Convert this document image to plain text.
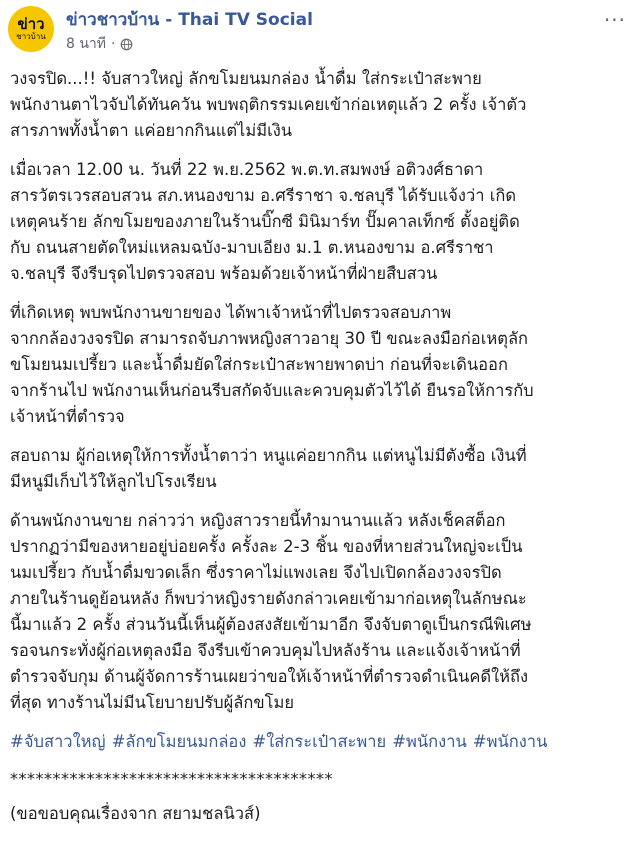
ข่าว
ชาวบ้าน
ข่าวชาวบ้าน - Thai TV Social
8 นาที ·
···

วงจรปิด...!! จับสาวใหญ่ ลักขโมยนมกล่อง น้ำดื่ม ใส่กระเป๋าสะพาย
พนักงานตาไวจับได้ทันควัน พบพฤติกรรมเคยเข้าก่อเหตุแล้ว 2 ครั้ง เจ้าตัว
สารภาพทั้งน้ำตา แค่อยากกินแต่ไม่มีเงิน

เมื่อเวลา 12.00 น. วันที่ 22 พ.ย.2562 พ.ต.ท.สมพงษ์ อติวงศ์ธาดา
สารวัตรเวรสอบสวน สภ.หนองขาม อ.ศรีราชา จ.ชลบุรี ได้รับแจ้งว่า เกิด
เหตุคนร้าย ลักขโมยของภายในร้านบิ๊กซี มินิมาร์ท ปั๊มคาลเท็กซ์ ตั้งอยู่ติด
กับ ถนนสายตัดใหม่แหลมฉบัง-มาบเอียง ม.1 ต.หนองขาม อ.ศรีราชา
จ.ชลบุรี จึงรีบรุดไปตรวจสอบ พร้อมด้วยเจ้าหน้าที่ฝ่ายสืบสวน

ที่เกิดเหตุ พบพนักงานขายของ ได้พาเจ้าหน้าที่ไปตรวจสอบภาพ
จากกล้องวงจรปิด สามารถจับภาพหญิงสาวอายุ 30 ปี ขณะลงมือก่อเหตุลัก
ขโมยนมเปรี้ยว และน้ำดื่มยัดใส่กระเป๋าสะพายพาดบ่า ก่อนที่จะเดินออก
จากร้านไป พนักงานเห็นก่อนรีบสกัดจับและควบคุมตัวไว้ได้ ยืนรอให้การกับ
เจ้าหน้าที่ตำรวจ

สอบถาม ผู้ก่อเหตุให้การทั้งน้ำตาว่า หนูแค่อยากกิน แต่หนูไม่มีตังซื้อ เงินที่
มีหนูมีเก็บไว้ให้ลูกไปโรงเรียน

ด้านพนักงานขาย กล่าวว่า หญิงสาวรายนี้ทำมานานแล้ว หลังเช็คสต็อก
ปรากฏว่ามีของหายอยู่บ่อยครั้ง ครั้งละ 2-3 ชิ้น ของที่หายส่วนใหญ่จะเป็น
นมเปรี้ยว กับน้ำดื่มขวดเล็ก ซึ่งราคาไม่แพงเลย จึงไปเปิดกล้องวงจรปิด
ภายในร้านดูย้อนหลัง ก็พบว่าหญิงรายดังกล่าวเคยเข้ามาก่อเหตุในลักษณะ
นี้มาแล้ว 2 ครั้ง ส่วนวันนี้เห็นผู้ต้องสงสัยเข้ามาอีก จึงจับตาดูเป็นกรณีพิเศษ
รอจนกระทั่งผู้ก่อเหตุลงมือ จึงรีบเข้าควบคุมไปหลังร้าน และแจ้งเจ้าหน้าที่
ตำรวจจับกุม ด้านผู้จัดการร้านเผยว่าขอให้เจ้าหน้าที่ตำรวจดำเนินคดีให้ถึง
ที่สุด ทางร้านไม่มีนโยบายปรับผู้ลักขโมย

#จับสาวใหญ่ #ลักขโมยนมกล่อง #ใส่กระเป๋าสะพาย #พนักงาน #พนักงาน
**************************************
(ขอขอบคุณเรื่องจาก สยามชลนิวส์)
